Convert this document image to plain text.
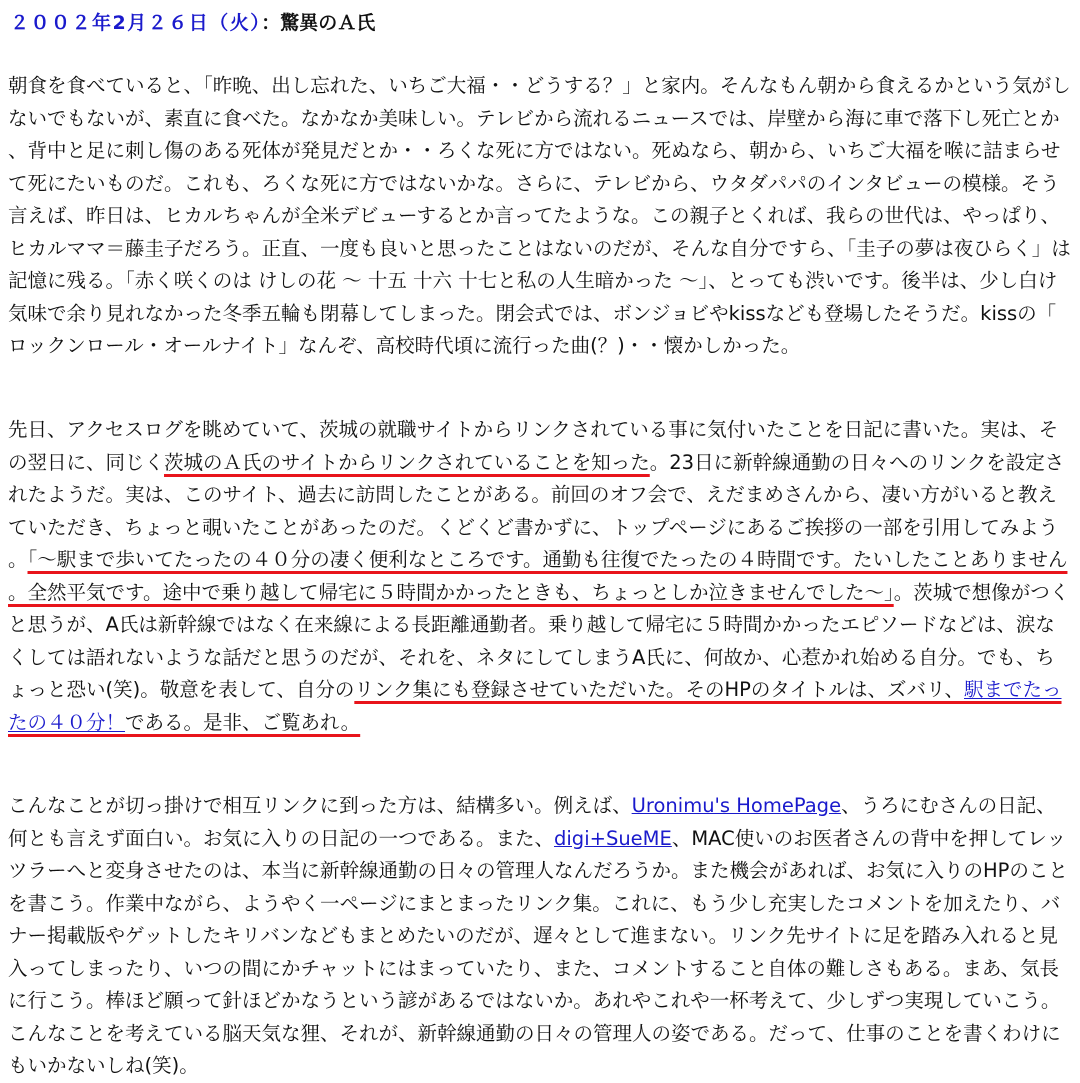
２００２年2月２６日（火）：驚異のＡ氏

朝食を食べていると、「昨晩、出し忘れた、いちご大福・・どうする？」と家内。そんなもん朝から食えるかという気がしないでもないが、素直に食べた。なかなか美味しい。テレビから流れるニュースでは、岸壁から海に車で落下し死亡とか、背中と足に刺し傷のある死体が発見だとか・・ろくな死に方ではない。死ぬなら、朝から、いちご大福を喉に詰まらせて死にたいものだ。これも、ろくな死に方ではないかな。さらに、テレビから、ウタダパパのインタビューの模様。そう言えば、昨日は、ヒカルちゃんが全米デビューするとか言ってたような。この親子とくれば、我らの世代は、やっぱり、ヒカルママ＝藤圭子だろう。正直、一度も良いと思ったことはないのだが、そんな自分ですら、「圭子の夢は夜ひらく」は記憶に残る。「赤く咲くのは けしの花 ～ 十五 十六 十七と私の人生暗かった ～」、とっても渋いです。後半は、少し白け気味で余り見れなかった冬季五輪も閉幕してしまった。閉会式では、ボンジョビやkissなども登場したそうだ。kissの「ロックンロール・オールナイト」なんぞ、高校時代頃に流行った曲(？)・・懐かしかった。

先日、アクセスログを眺めていて、茨城の就職サイトからリンクされている事に気付いたことを日記に書いた。実は、その翌日に、同じく茨城のＡ氏のサイトからリンクされていることを知った。23日に新幹線通勤の日々へのリンクを設定されたようだ。実は、このサイト、過去に訪問したことがある。前回のオフ会で、えだまめさんから、凄い方がいると教えていただき、ちょっと覗いたことがあったのだ。くどくど書かずに、トップページにあるご挨拶の一部を引用してみよう。「～駅まで歩いてたったの４０分の凄く便利なところです。通勤も往復でたったの４時間です。たいしたことありません。全然平気です。途中で乗り越して帰宅に５時間かかったときも、ちょっとしか泣きませんでした～」。茨城で想像がつくと思うが、A氏は新幹線ではなく在来線による長距離通勤者。乗り越して帰宅に５時間かかったエピソードなどは、涙なくしては語れないような話だと思うのだが、それを、ネタにしてしまうA氏に、何故か、心惹かれ始める自分。でも、ちょっと恐い(笑)。敬意を表して、自分のリンク集にも登録させていただいた。そのHPのタイトルは、ズバリ、駅までたったの４０分！である。是非、ご覧あれ。

こんなことが切っ掛けで相互リンクに到った方は、結構多い。例えば、Uronimu's HomePage、うろにむさんの日記、何とも言えず面白い。お気に入りの日記の一つである。また、digi+SueME、MAC使いのお医者さんの背中を押してレッツラーへと変身させたのは、本当に新幹線通勤の日々の管理人なんだろうか。また機会があれば、お気に入りのHPのことを書こう。作業中ながら、ようやく一ページにまとまったリンク集。これに、もう少し充実したコメントを加えたり、バナー掲載版やゲットしたキリバンなどもまとめたいのだが、遅々として進まない。リンク先サイトに足を踏み入れると見入ってしまったり、いつの間にかチャットにはまっていたり、また、コメントすること自体の難しさもある。まあ、気長に行こう。棒ほど願って針ほどかなうという諺があるではないか。あれやこれや一杯考えて、少しずつ実現していこう。こんなことを考えている脳天気な狸、それが、新幹線通勤の日々の管理人の姿である。だって、仕事のことを書くわけにもいかないしね(笑)。
